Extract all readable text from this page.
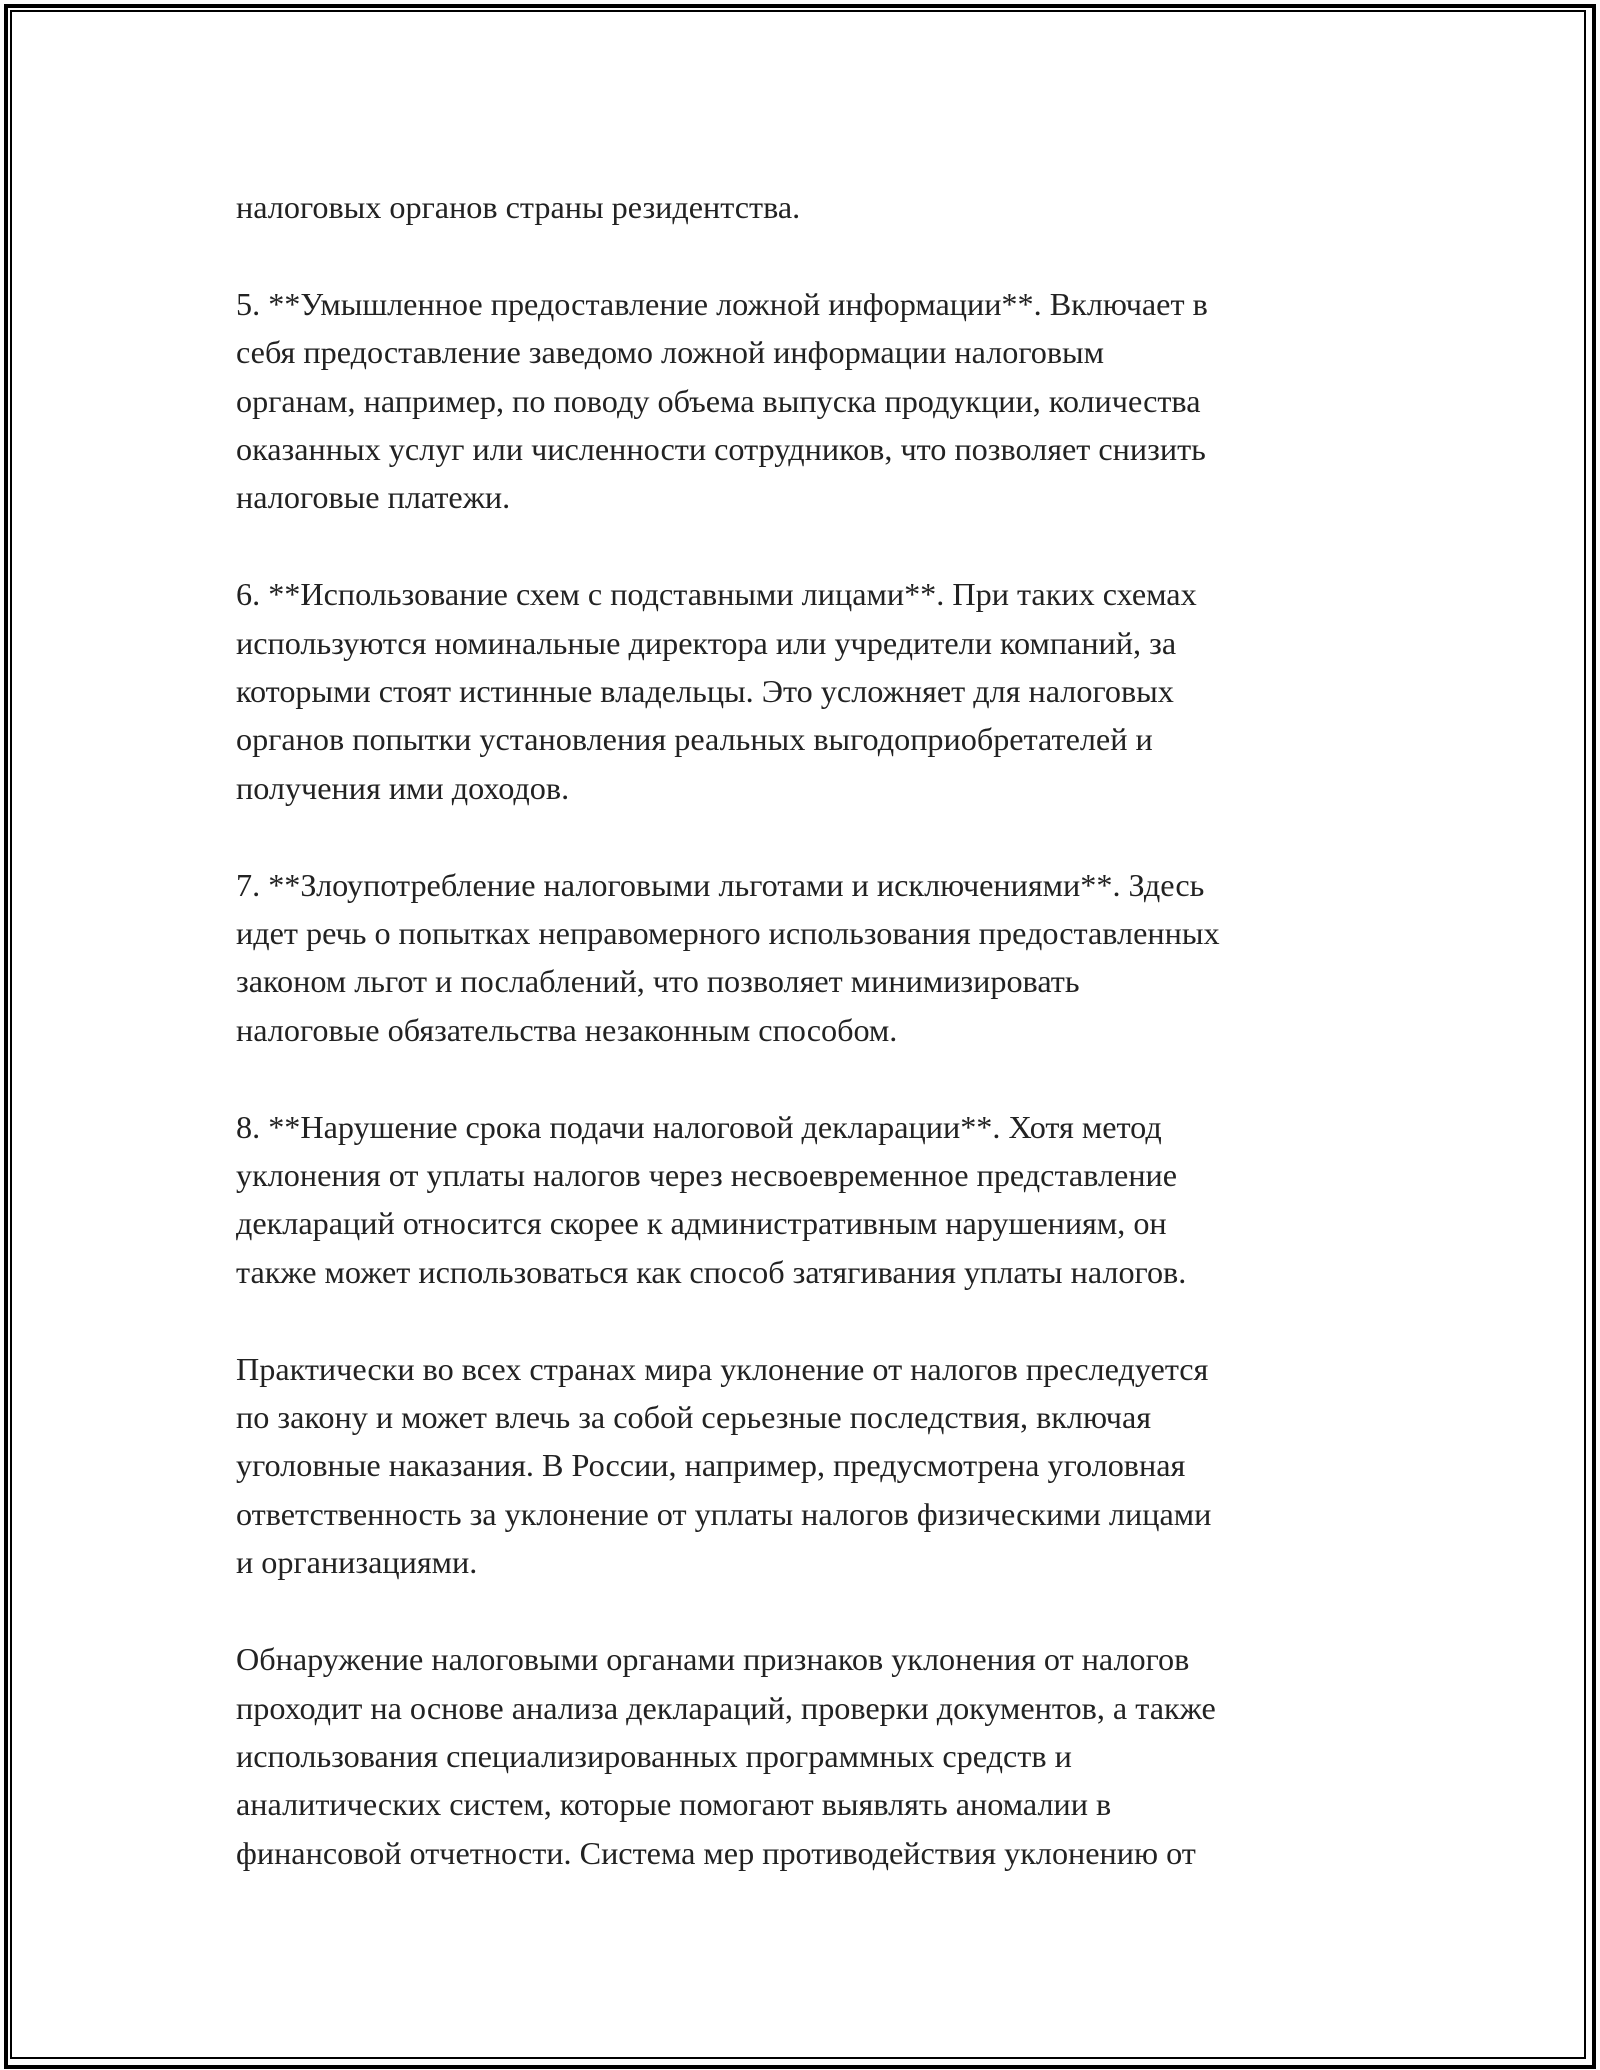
налоговых органов страны резидентства.

5. **Умышленное предоставление ложной информации**. Включает в
себя предоставление заведомо ложной информации налоговым
органам, например, по поводу объема выпуска продукции, количества
оказанных услуг или численности сотрудников, что позволяет снизить
налоговые платежи.

6. **Использование схем с подставными лицами**. При таких схемах
используются номинальные директора или учредители компаний, за
которыми стоят истинные владельцы. Это усложняет для налоговых
органов попытки установления реальных выгодоприобретателей и
получения ими доходов.

7. **Злоупотребление налоговыми льготами и исключениями**. Здесь
идет речь о попытках неправомерного использования предоставленных
законом льгот и послаблений, что позволяет минимизировать
налоговые обязательства незаконным способом.

8. **Нарушение срока подачи налоговой декларации**. Хотя метод
уклонения от уплаты налогов через несвоевременное представление
деклараций относится скорее к административным нарушениям, он
также может использоваться как способ затягивания уплаты налогов.

Практически во всех странах мира уклонение от налогов преследуется
по закону и может влечь за собой серьезные последствия, включая
уголовные наказания. В России, например, предусмотрена уголовная
ответственность за уклонение от уплаты налогов физическими лицами
и организациями.

Обнаружение налоговыми органами признаков уклонения от налогов
проходит на основе анализа деклараций, проверки документов, а также
использования специализированных программных средств и
аналитических систем, которые помогают выявлять аномалии в
финансовой отчетности. Система мер противодействия уклонению от
